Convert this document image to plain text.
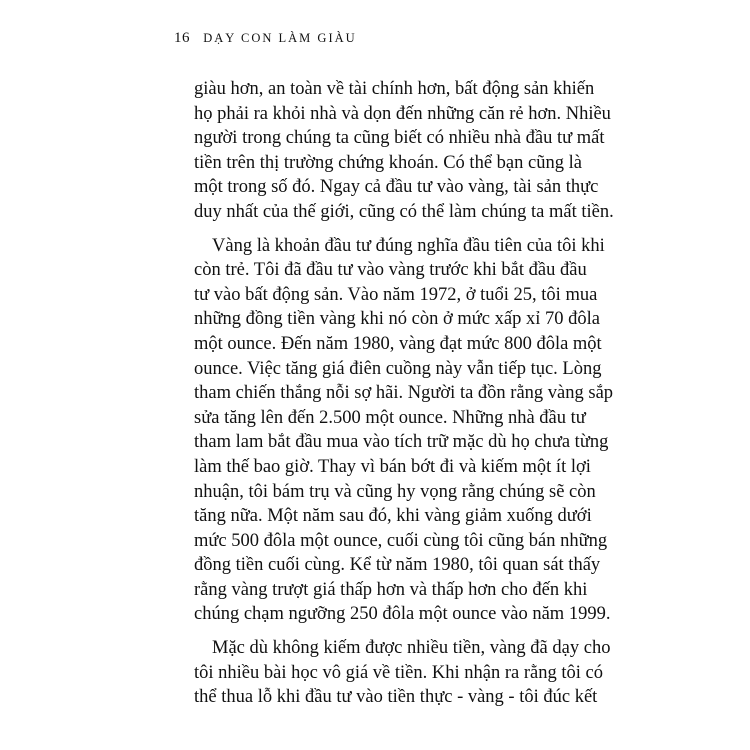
16 DẠY CON LÀM GIÀU

giàu hơn, an toàn về tài chính hơn, bất động sản khiến
họ phải ra khỏi nhà và dọn đến những căn rẻ hơn. Nhiều
người trong chúng ta cũng biết có nhiều nhà đầu tư mất
tiền trên thị trường chứng khoán. Có thể bạn cũng là
một trong số đó. Ngay cả đầu tư vào vàng, tài sản thực
duy nhất của thế giới, cũng có thể làm chúng ta mất tiền.

Vàng là khoản đầu tư đúng nghĩa đầu tiên của tôi khi
còn trẻ. Tôi đã đầu tư vào vàng trước khi bắt đầu đầu
tư vào bất động sản. Vào năm 1972, ở tuổi 25, tôi mua
những đồng tiền vàng khi nó còn ở mức xấp xỉ 70 đôla
một ounce. Đến năm 1980, vàng đạt mức 800 đôla một
ounce. Việc tăng giá điên cuồng này vẫn tiếp tục. Lòng
tham chiến thắng nỗi sợ hãi. Người ta đồn rằng vàng sắp
sửa tăng lên đến 2.500 một ounce. Những nhà đầu tư
tham lam bắt đầu mua vào tích trữ mặc dù họ chưa từng
làm thế bao giờ. Thay vì bán bớt đi và kiếm một ít lợi
nhuận, tôi bám trụ và cũng hy vọng rằng chúng sẽ còn
tăng nữa. Một năm sau đó, khi vàng giảm xuống dưới
mức 500 đôla một ounce, cuối cùng tôi cũng bán những
đồng tiền cuối cùng. Kể từ năm 1980, tôi quan sát thấy
rằng vàng trượt giá thấp hơn và thấp hơn cho đến khi
chúng chạm ngưỡng 250 đôla một ounce vào năm 1999.

Mặc dù không kiếm được nhiều tiền, vàng đã dạy cho
tôi nhiều bài học vô giá về tiền. Khi nhận ra rằng tôi có
thể thua lỗ khi đầu tư vào tiền thực - vàng - tôi đúc kết
